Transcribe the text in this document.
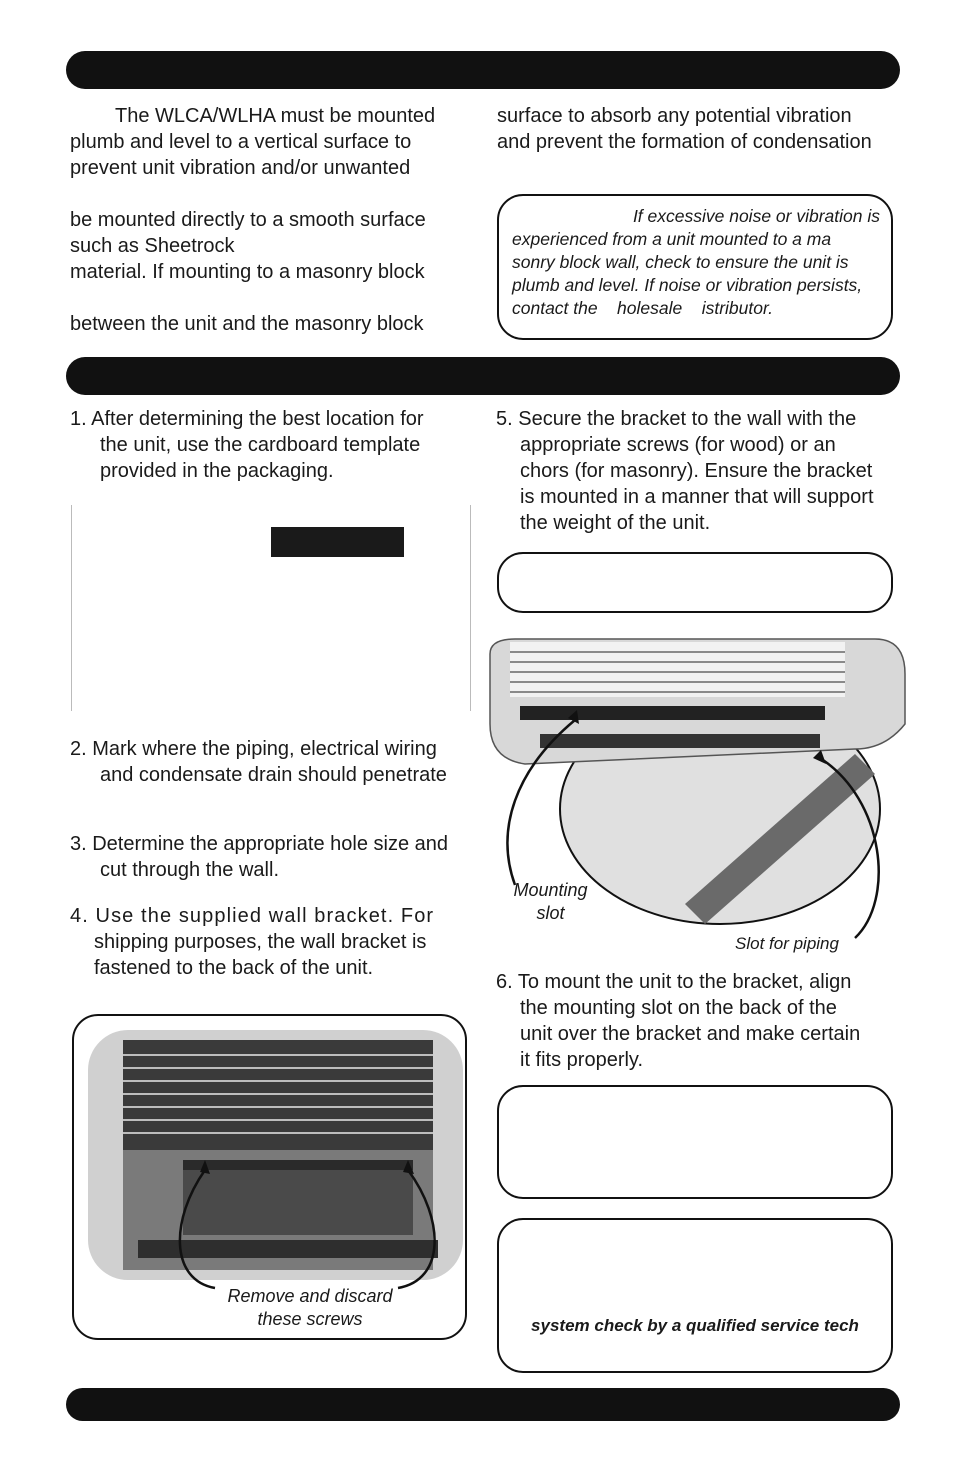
The WLCA/WLHA must be mounted
plumb and level to a vertical surface to
prevent unit vibration and/or unwanted
be mounted directly to a smooth surface
such as Sheetrock
material. If mounting to a masonry block
between the unit and the masonry block
surface to absorb any potential vibration
and prevent the formation of condensation
If excessive noise or vibration is
experienced from a unit mounted to a ma
sonry block wall, check to ensure the unit is
plumb and level. If noise or vibration persists,
contact the    holesale    istributor.
1. After determining the best location for
the unit, use the cardboard template
provided in the packaging.
2. Mark where the piping, electrical wiring
and condensate drain should penetrate
3. Determine the appropriate hole size and
cut through the wall.
4. Use the supplied wall bracket. For
shipping purposes, the wall bracket is
fastened to the back of the unit.
Remove and discard
these screws
5. Secure the bracket to the wall with the
appropriate screws (for wood) or an
chors (for masonry). Ensure the bracket
is mounted in a manner that will support
the weight of the unit.
Mounting
slot
Slot for piping
6. To mount the unit to the bracket, align
the mounting slot on the back of the
unit over the bracket and make certain
it fits properly.
system check by a qualified service tech
